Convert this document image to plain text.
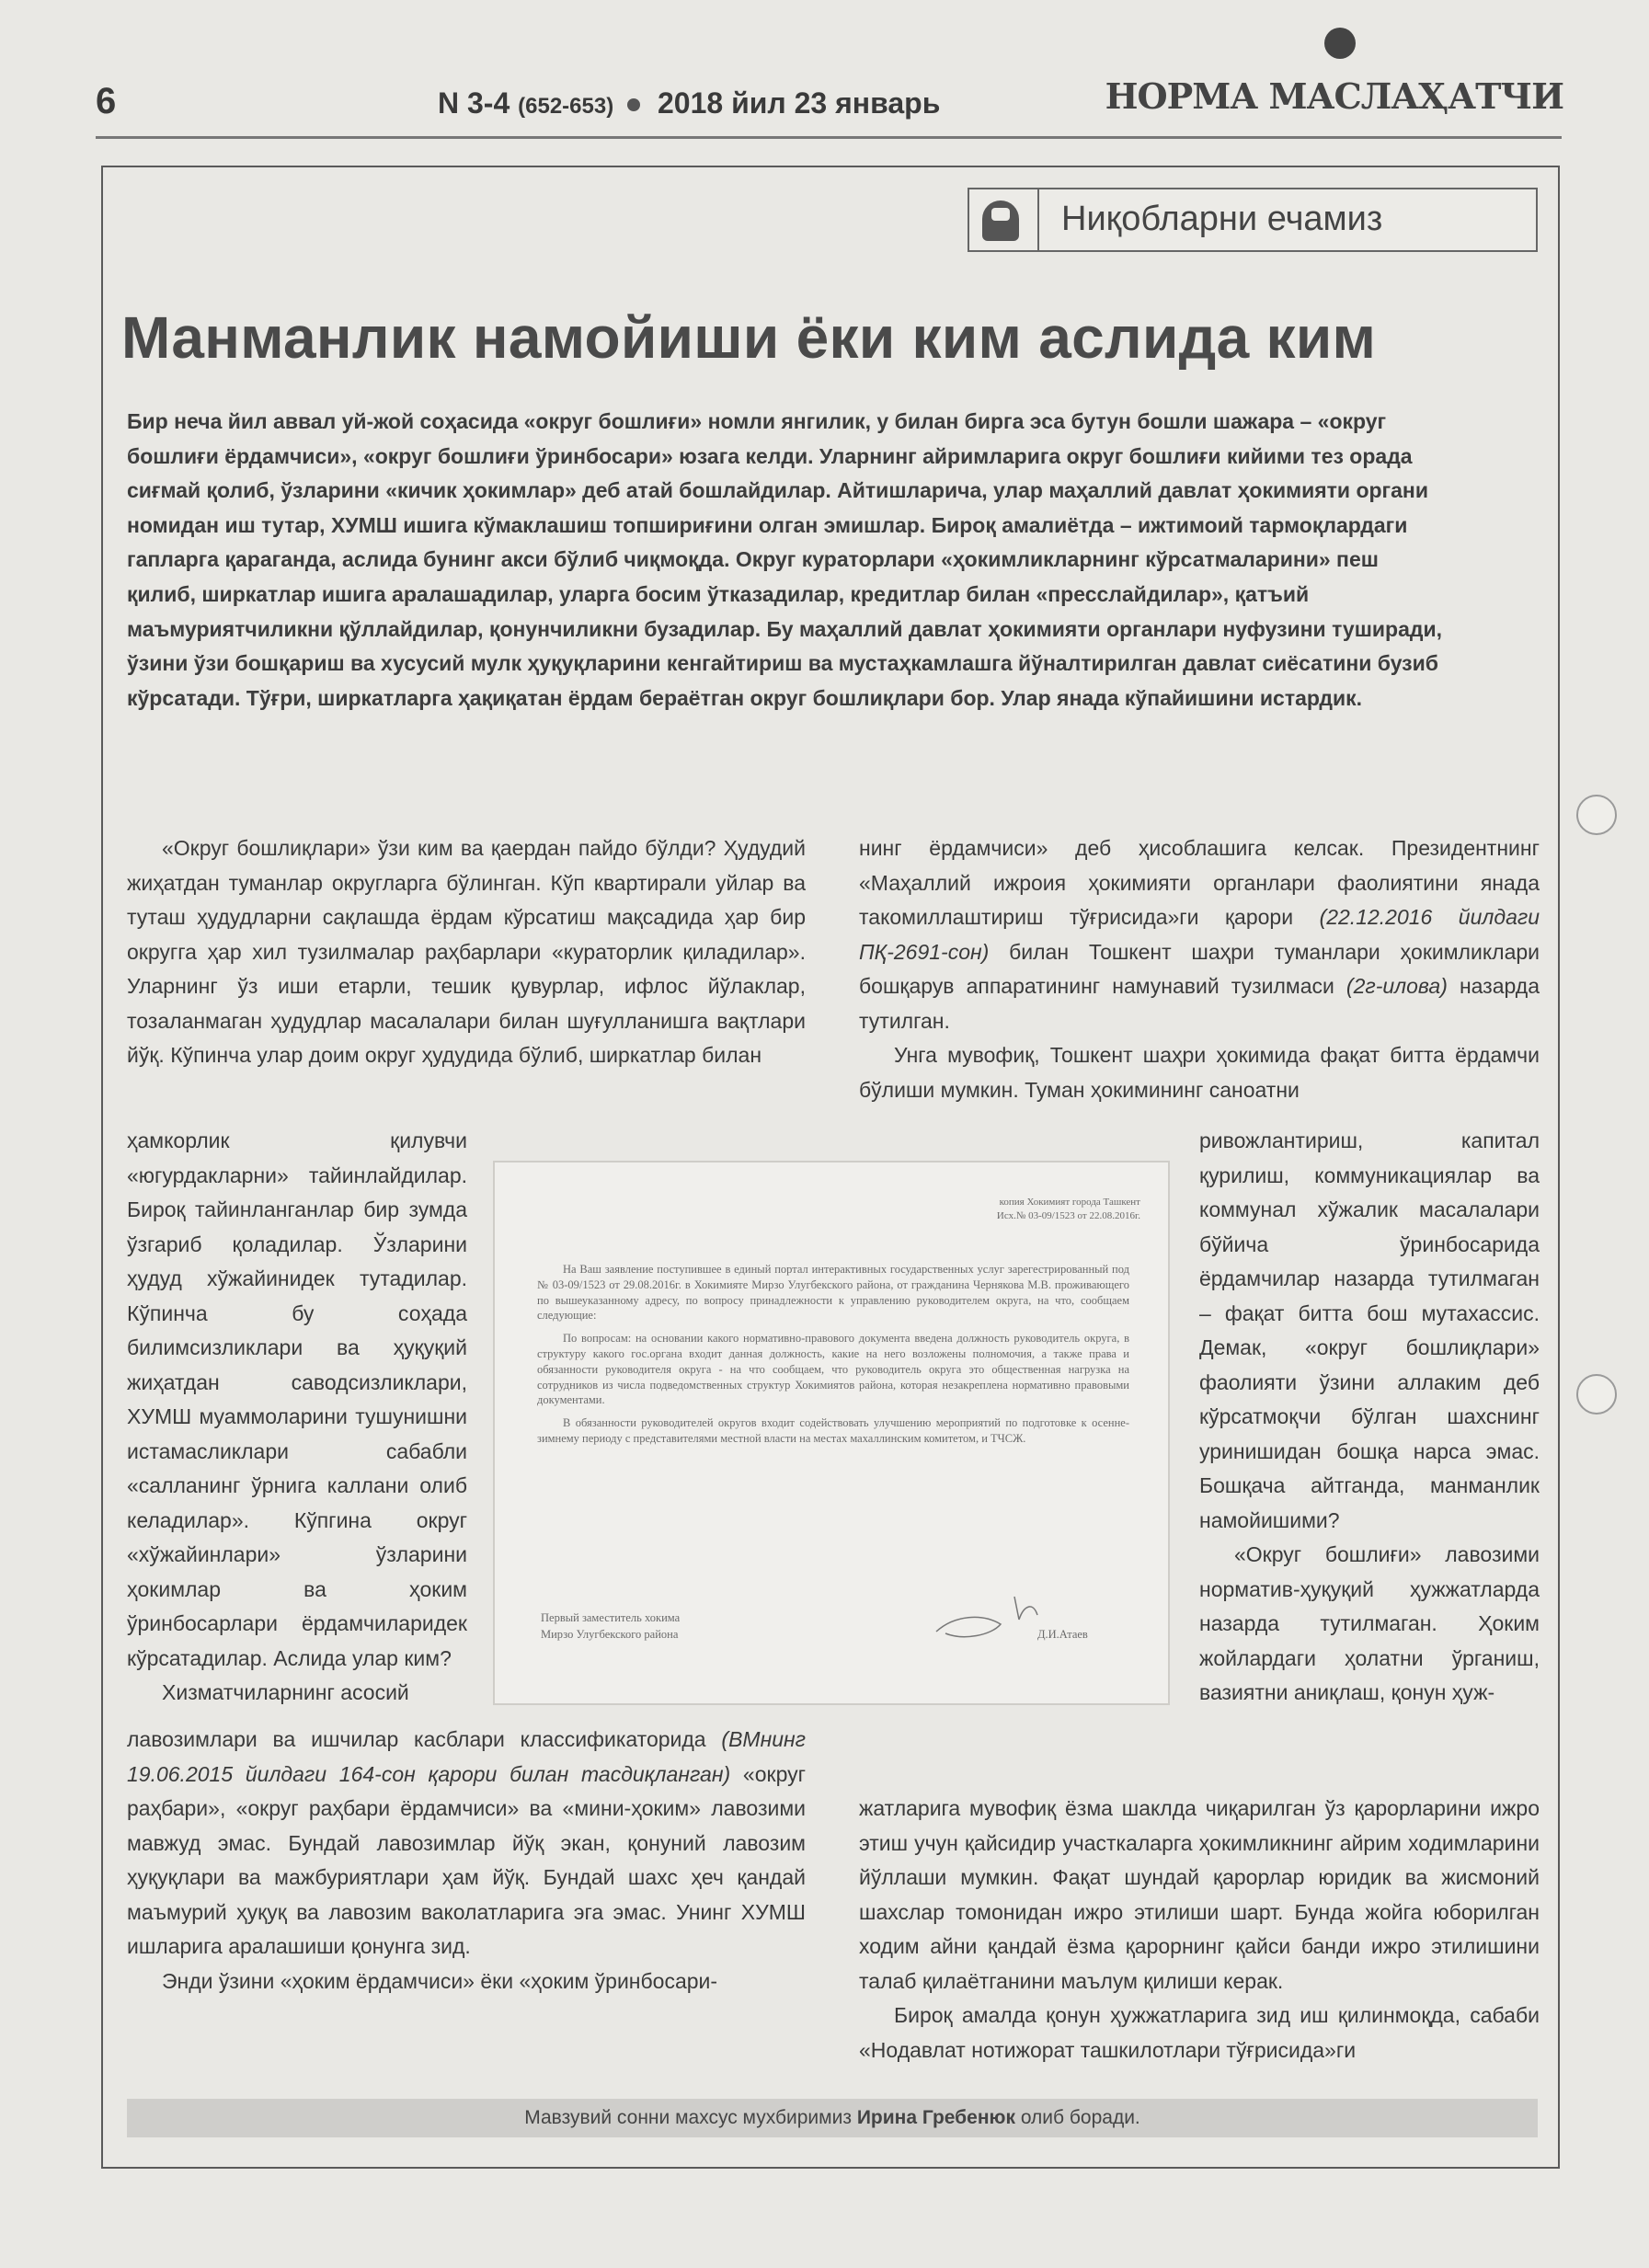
6	N 3-4 (652-653) 2018 йил 23 январь	НОРМА МАСЛАҲАТЧИ
Ниқобларни ечамиз
Манманлик намойиши ёки ким аслида ким

Бир неча йил аввал уй-жой соҳасида «округ бошлиғи» номли янгилик, у билан бирга эса бутун бошли шажара – «округ бошлиғи ёрдамчиси», «округ бошлиғи ўринбосари» юзага келди. Уларнинг айримларига округ бошлиғи кийими тез орада сиғмай қолиб, ўзларини «кичик ҳокимлар» деб атай бошлайдилар. Айтишларича, улар маҳаллий давлат ҳокимияти органи номидан иш тутар, ХУМШ ишига кўмаклашиш топшириғини олган эмишлар. Бироқ амалиётда – ижтимоий тармоқлардаги гапларга қараганда, аслида бунинг акси бўлиб чиқмоқда. Округ кураторлари «ҳокимликларнинг кўрсатмаларини» пеш қилиб, ширкатлар ишига аралашадилар, уларга босим ўтказадилар, кредитлар билан «пресслайдилар», қатъий маъмуриятчиликни қўллайдилар, қонунчиликни бузадилар. Бу маҳаллий давлат ҳокимияти органлари нуфузини туширади, ўзини ўзи бошқариш ва хусусий мулк ҳуқуқларини кенгайтириш ва мустаҳкамлашга йўналтирилган давлат сиёсатини бузиб кўрсатади. Тўғри, ширкатларга ҳақиқатан ёрдам бераётган округ бошлиқлари бор. Улар янада кўпайишини истардик.

«Округ бошлиқлари» ўзи ким ва қаердан пайдо бўлди? Ҳудудий жиҳатдан туманлар округларга бўлинган. Кўп квартирали уйлар ва туташ ҳудудларни сақлашда ёрдам кўрсатиш мақсадида ҳар бир округга ҳар хил тузилмалар раҳбарлари «кураторлик қиладилар». Уларнинг ўз иши етарли, тешик қувурлар, ифлос йўлаклар, тозаланмаган ҳудудлар масалалари билан шуғулланишга вақтлари йўқ. Кўпинча улар доим округ ҳудудида бўлиб, ширкатлар билан

ҳамкорлик қилувчи «югурдакларни» тайинлайдилар. Бироқ тайинланганлар бир зумда ўзгариб қоладилар. Ўзларини ҳудуд хўжайинидек тутадилар. Кўпинча бу соҳада билимсизликлари ва ҳуқуқий жиҳатдан саводсизликлари, ХУМШ муаммоларини тушунишни истамасликлари сабабли «салланинг ўрнига каллани олиб келадилар». Кўпгина округ «хўжайинлари» ўзларини ҳокимлар ва ҳоким ўринбосарлари ёрдамчиларидек кўрсатадилар. Аслида улар ким?

Хизматчиларнинг асосий

лавозимлари ва ишчилар касблари классификаторида (ВМнинг 19.06.2015 йилдаги 164-сон қарори билан тасдиқланган) «округ раҳбари», «округ раҳбари ёрдамчиси» ва «мини-ҳоким» лавозими мавжуд эмас. Бундай лавозимлар йўқ экан, қонуний лавозим ҳуқуқлари ва мажбуриятлари ҳам йўқ. Бундай шахс ҳеч қандай маъмурий ҳуқуқ ва лавозим ваколатларига эга эмас. Унинг ХУМШ ишларига аралашиши қонунга зид.

Энди ўзини «ҳоким ёрдамчиси» ёки «ҳоким ўринбосари-

нинг ёрдамчиси» деб ҳисоблашига келсак. Президентнинг «Маҳаллий ижроия ҳокимияти органлари фаолиятини янада такомиллаштириш тўғрисида»ги қарори (22.12.2016 йилдаги ПҚ-2691-сон) билан Тошкент шаҳри туманлари ҳокимликлари бошқарув аппаратининг намунавий тузилмаси (2г-илова) назарда тутилган.

Унга мувофиқ, Тошкент шаҳри ҳокимида фақат битта ёрдамчи бўлиши мумкин. Туман ҳокимининг саноатни

ривожлантириш, капитал қурилиш, коммуникациялар ва коммунал хўжалик масалалари бўйича ўринбосарида ёрдамчилар назарда тутилмаган – фақат битта бош мутахассис. Демак, «округ бошлиқлари» фаолияти ўзини аллаким деб кўрсатмоқчи бўлган шахснинг уринишидан бошқа нарса эмас. Бошқача айтганда, манманлик намойишими?

«Округ бошлиғи» лавозими норматив-ҳуқуқий ҳужжатларда назарда тутилмаган. Ҳоким жойлардаги ҳолатни ўрганиш, вазиятни аниқлаш, қонун ҳуж-

жатларига мувофиқ ёзма шаклда чиқарилган ўз қарорларини ижро этиш учун қайсидир участкаларга ҳокимликнинг айрим ходимларини йўллаши мумкин. Фақат шундай қарорлар юридик ва жисмоний шахслар томонидан ижро этилиши шарт. Бунда жойга юборилган ходим айни қандай ёзма қарорнинг қайси банди ижро этилишини талаб қилаётганини маълум қилиши керак.

Бироқ амалда қонун ҳужжатларига зид иш қилинмоқда, сабаби «Нодавлат нотижорат ташкилотлари тўғрисида»ги

копия Хокимият города Ташкент
Исх.№ 03-09/1523 от 22.08.2016г.

На Ваш заявление поступившее в единый портал интерактивных государственных услуг зарегестрированный под № 03-09/1523 от 29.08.2016г. в Хокимияте Мирзо Улугбекского района, от гражданина Чернякова М.В. проживающего по вышеуказанному адресу, по вопросу принадлежности к управлению руководителем округа, на что, сообщаем следующие:

По вопросам: на основании какого нормативно-правового документа введена должность руководитель округа, в структуру какого гос.органа входит данная должность, какие на него возложены полномочия, а также права и обязанности руководителя округа - на что сообщаем, что руководитель округа это общественная нагрузка на сотрудников из числа подведомственных структур Хокимиятов района, которая незакреплена нормативно правовыми документами.

В обязанности руководителей округов входит содействовать улучшению мероприятий по подготовке к осенне-зимнему периоду с представителями местной власти на местах махаллинским комитетом, и ТЧСЖ.

Первый заместитель хокима
Мирзо Улугбекского района	Д.И.Атаев
Мавзувий сонни махсус мухбиримиз Ирина Гребенюк олиб боради.
